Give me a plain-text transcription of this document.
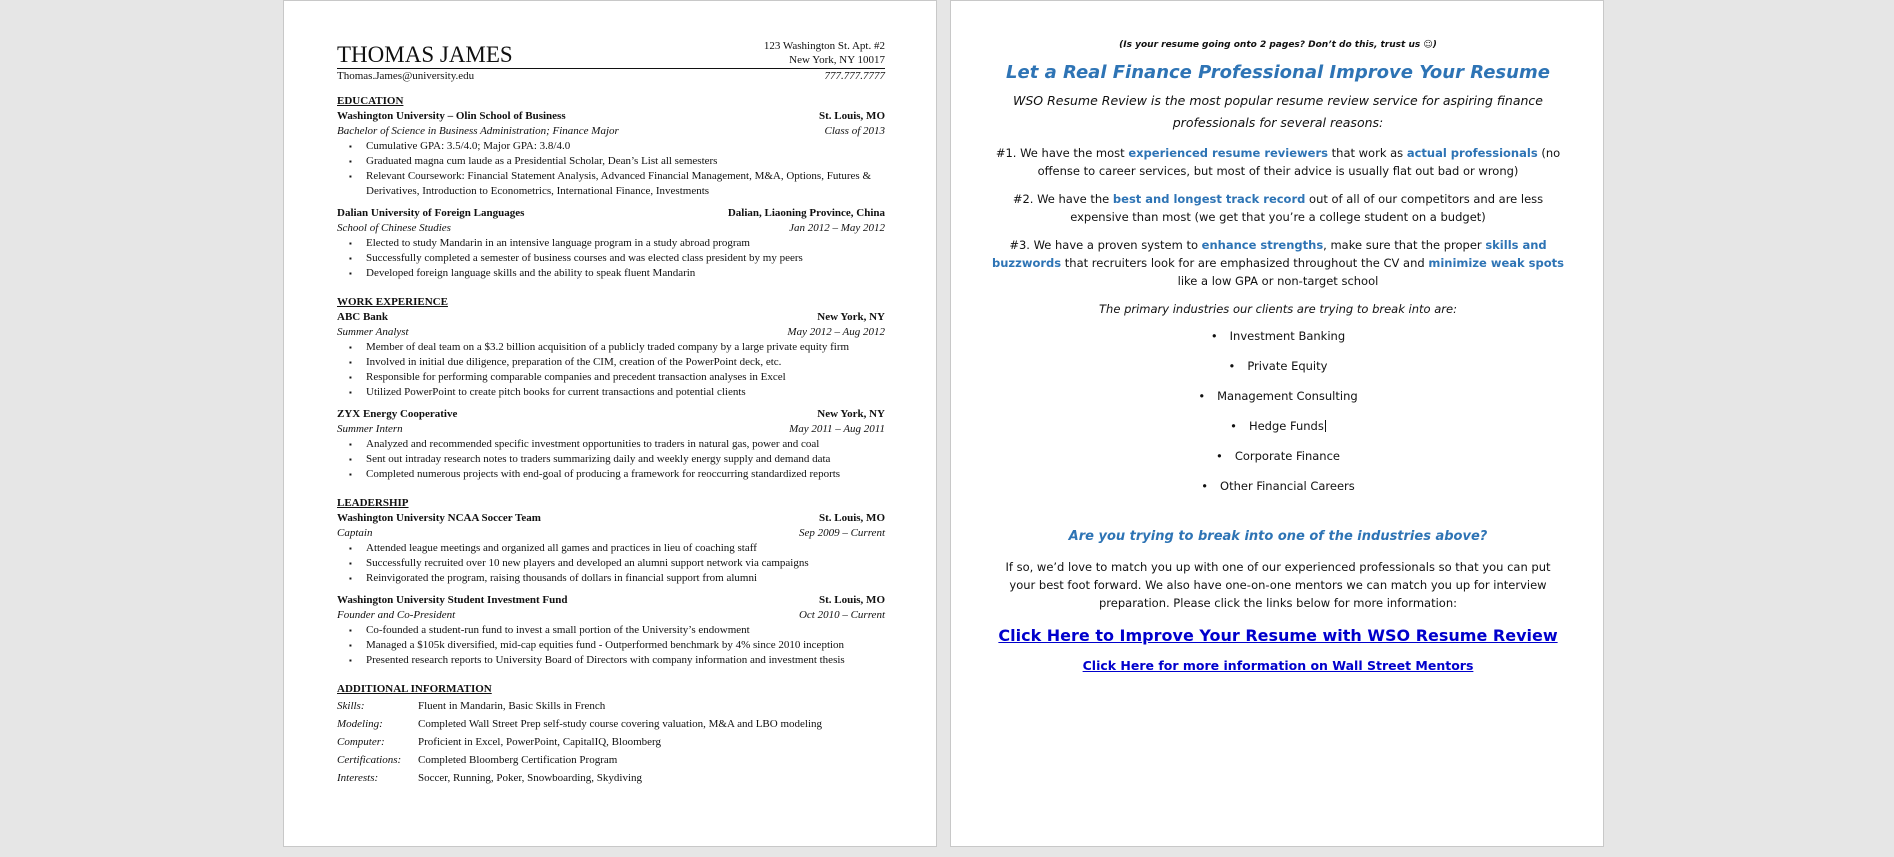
THOMAS JAMES	123 Washington St. Apt. #2
New York, NY 10017
Thomas.James@university.edu	777.777.7777
EDUCATION
Washington University – Olin School of Business	St. Louis, MO
Bachelor of Science in Business Administration; Finance Major	Class of 2013
▪ Cumulative GPA: 3.5/4.0; Major GPA: 3.8/4.0
▪ Graduated magna cum laude as a Presidential Scholar, Dean’s List all semesters
▪ Relevant Coursework: Financial Statement Analysis, Advanced Financial Management, M&A, Options, Futures & Derivatives, Introduction to Econometrics, International Finance, Investments
Dalian University of Foreign Languages	Dalian, Liaoning Province, China
School of Chinese Studies	Jan 2012 – May 2012
▪ Elected to study Mandarin in an intensive language program in a study abroad program
▪ Successfully completed a semester of business courses and was elected class president by my peers
▪ Developed foreign language skills and the ability to speak fluent Mandarin
WORK EXPERIENCE
ABC Bank	New York, NY
Summer Analyst	May 2012 – Aug 2012
▪ Member of deal team on a $3.2 billion acquisition of a publicly traded company by a large private equity firm
▪ Involved in initial due diligence, preparation of the CIM, creation of the PowerPoint deck, etc.
▪ Responsible for performing comparable companies and precedent transaction analyses in Excel
▪ Utilized PowerPoint to create pitch books for current transactions and potential clients
ZYX Energy Cooperative	New York, NY
Summer Intern	May 2011 – Aug 2011
▪ Analyzed and recommended specific investment opportunities to traders in natural gas, power and coal
▪ Sent out intraday research notes to traders summarizing daily and weekly energy supply and demand data
▪ Completed numerous projects with end-goal of producing a framework for reoccurring standardized reports
LEADERSHIP
Washington University NCAA Soccer Team	St. Louis, MO
Captain	Sep 2009 – Current
▪ Attended league meetings and organized all games and practices in lieu of coaching staff
▪ Successfully recruited over 10 new players and developed an alumni support network via campaigns
▪ Reinvigorated the program, raising thousands of dollars in financial support from alumni
Washington University Student Investment Fund	St. Louis, MO
Founder and Co-President	Oct 2010 – Current
▪ Co-founded a student-run fund to invest a small portion of the University’s endowment
▪ Managed a $105k diversified, mid-cap equities fund - Outperformed benchmark by 4% since 2010 inception
▪ Presented research reports to University Board of Directors with company information and investment thesis
ADDITIONAL INFORMATION
Skills:	Fluent in Mandarin, Basic Skills in French
Modeling:	Completed Wall Street Prep self-study course covering valuation, M&A and LBO modeling
Computer:	Proficient in Excel, PowerPoint, CapitalIQ, Bloomberg
Certifications:	Completed Bloomberg Certification Program
Interests:	Soccer, Running, Poker, Snowboarding, Skydiving
(Is your resume going onto 2 pages? Don’t do this, trust us ☺)
Let a Real Finance Professional Improve Your Resume
WSO Resume Review is the most popular resume review service for aspiring finance professionals for several reasons:
#1. We have the most experienced resume reviewers that work as actual professionals (no offense to career services, but most of their advice is usually flat out bad or wrong)
#2. We have the best and longest track record out of all of our competitors and are less expensive than most (we get that you’re a college student on a budget)
#3. We have a proven system to enhance strengths, make sure that the proper skills and buzzwords that recruiters look for are emphasized throughout the CV and minimize weak spots like a low GPA or non-target school
The primary industries our clients are trying to break into are:
• Investment Banking
• Private Equity
• Management Consulting
• Hedge Funds
• Corporate Finance
• Other Financial Careers
Are you trying to break into one of the industries above?
If so, we’d love to match you up with one of our experienced professionals so that you can put your best foot forward. We also have one-on-one mentors we can match you up for interview preparation. Please click the links below for more information:
Click Here to Improve Your Resume with WSO Resume Review
Click Here for more information on Wall Street Mentors
